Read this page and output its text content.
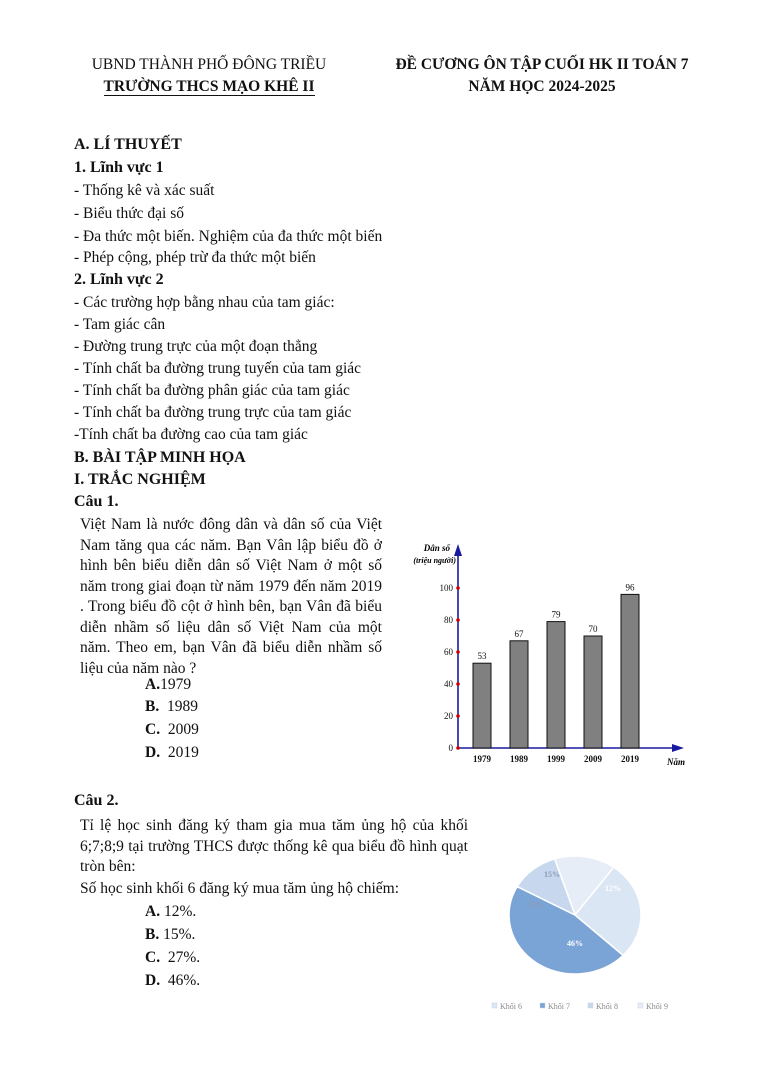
UBND THÀNH PHỐ ĐÔNG TRIỀU
TRƯỜNG THCS MẠO KHÊ II
ĐỀ CƯƠNG ÔN TẬP CUỐI HK II TOÁN 7
NĂM HỌC 2024-2025
A. LÍ THUYẾT
1. Lĩnh vực 1
- Thống kê và xác suất
- Biểu thức đại số
- Đa thức một biến. Nghiệm của đa thức một biến
- Phép cộng, phép trừ đa thức một biến
2. Lĩnh vực 2
- Các trường hợp bằng nhau của tam giác:
- Tam giác cân
- Đường trung trực của một đoạn thẳng
- Tính chất ba đường trung tuyến của tam giác
- Tính chất ba đường phân giác của tam giác
- Tính chất ba đường trung trực của tam giác
-Tính chất ba đường cao của tam giác
B. BÀI TẬP MINH HỌA
I. TRẮC NGHIỆM
Câu 1.
Việt Nam là nước đông dân và dân số của Việt Nam tăng qua các năm. Bạn Vân lập biểu đồ ở hình bên biểu diễn dân số Việt Nam ở một số năm trong giai đoạn từ năm 1979 đến năm 2019 . Trong biểu đồ cột ở hình bên, bạn Vân đã biểu diễn nhầm số liệu dân số Việt Nam của một năm. Theo em, bạn Vân đã biểu diễn nhầm số liệu của năm nào ?
A.1979
B. 1989
C. 2009
D. 2019	0
20
40
60
80
100
Dân số
(triệu người)
Năm
53
1979
67
1989
79
1999
70
2009
96
2019
Câu 2.
Tỉ lệ học sinh đăng ký tham gia mua tăm ủng hộ của khối 6;7;8;9 tại trường THCS được thống kê qua biểu đồ hình quạt tròn bên:
Số học sinh khối 6 đăng ký mua tăm ủng hộ chiếm:
A. 12%.
B. 15%.
C. 27%.
D. 46%.
46%
12%
15%
12%
Khối 6	Khối 7	Khối 8	Khối 9
